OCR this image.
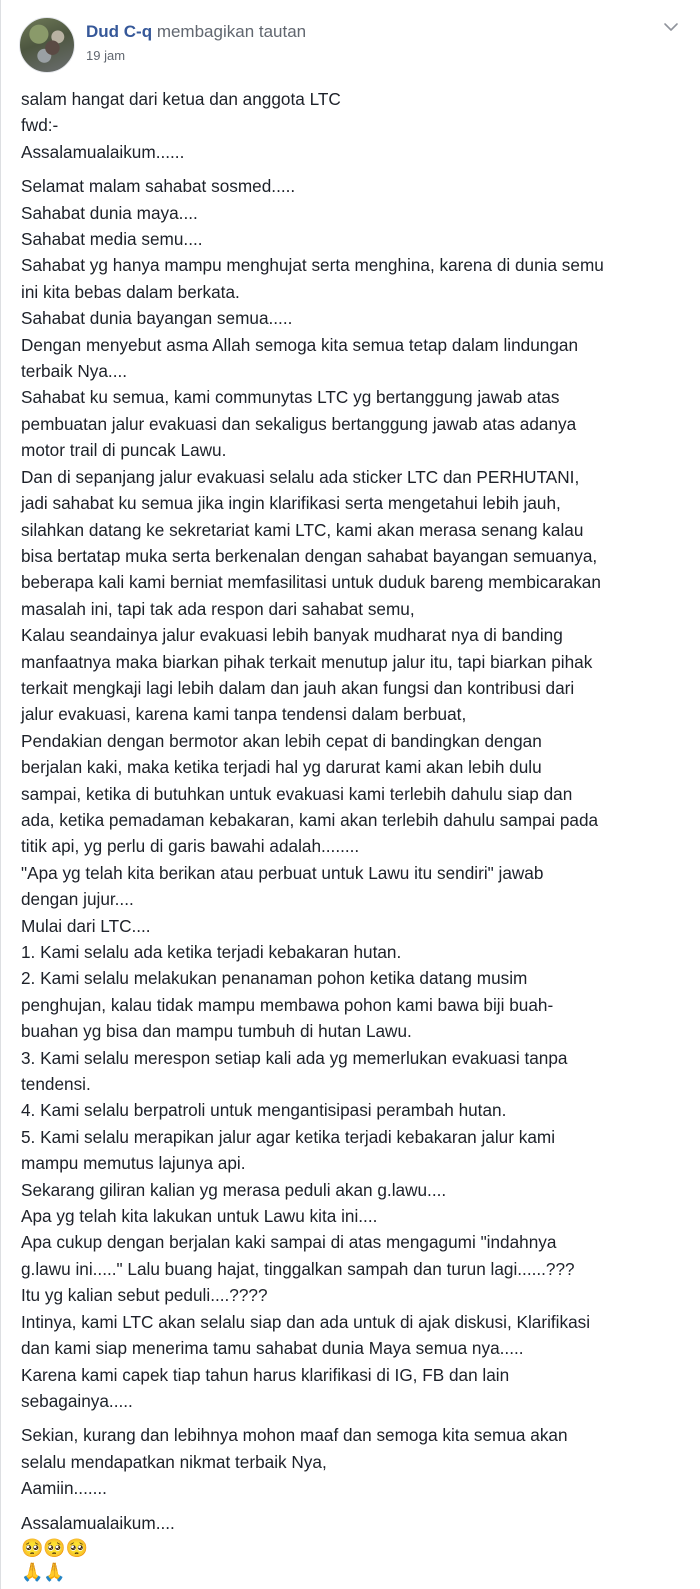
Dud C-q membagikan tautan
19 jam
salam hangat dari ketua dan anggota LTC
fwd:-
Assalamualaikum......
Selamat malam sahabat sosmed.....
Sahabat dunia maya....
Sahabat media semu....
Sahabat yg hanya mampu menghujat serta menghina, karena di dunia semu
ini kita bebas dalam berkata.
Sahabat dunia bayangan semua.....
Dengan menyebut asma Allah semoga kita semua tetap dalam lindungan
terbaik Nya....
Sahabat ku semua, kami communytas LTC yg bertanggung jawab atas
pembuatan jalur evakuasi dan sekaligus bertanggung jawab atas adanya
motor trail di puncak Lawu.
Dan di sepanjang jalur evakuasi selalu ada sticker LTC dan PERHUTANI,
jadi sahabat ku semua jika ingin klarifikasi serta mengetahui lebih jauh,
silahkan datang ke sekretariat kami LTC, kami akan merasa senang kalau
bisa bertatap muka serta berkenalan dengan sahabat bayangan semuanya,
beberapa kali kami berniat memfasilitasi untuk duduk bareng membicarakan
masalah ini, tapi tak ada respon dari sahabat semu,
Kalau seandainya jalur evakuasi lebih banyak mudharat nya di banding
manfaatnya maka biarkan pihak terkait menutup jalur itu, tapi biarkan pihak
terkait mengkaji lagi lebih dalam dan jauh akan fungsi dan kontribusi dari
jalur evakuasi, karena kami tanpa tendensi dalam berbuat,
Pendakian dengan bermotor akan lebih cepat di bandingkan dengan
berjalan kaki, maka ketika terjadi hal yg darurat kami akan lebih dulu
sampai, ketika di butuhkan untuk evakuasi kami terlebih dahulu siap dan
ada, ketika pemadaman kebakaran, kami akan terlebih dahulu sampai pada
titik api, yg perlu di garis bawahi adalah........
"Apa yg telah kita berikan atau perbuat untuk Lawu itu sendiri" jawab
dengan jujur....
Mulai dari LTC....
1. Kami selalu ada ketika terjadi kebakaran hutan.
2. Kami selalu melakukan penanaman pohon ketika datang musim
penghujan, kalau tidak mampu membawa pohon kami bawa biji buah-
buahan yg bisa dan mampu tumbuh di hutan Lawu.
3. Kami selalu merespon setiap kali ada yg memerlukan evakuasi tanpa
tendensi.
4. Kami selalu berpatroli untuk mengantisipasi perambah hutan.
5. Kami selalu merapikan jalur agar ketika terjadi kebakaran jalur kami
mampu memutus lajunya api.
Sekarang giliran kalian yg merasa peduli akan g.lawu....
Apa yg telah kita lakukan untuk Lawu kita ini....
Apa cukup dengan berjalan kaki sampai di atas mengagumi "indahnya
g.lawu ini....." Lalu buang hajat, tinggalkan sampah dan turun lagi......???
Itu yg kalian sebut peduli....????
Intinya, kami LTC akan selalu siap dan ada untuk di ajak diskusi, Klarifikasi
dan kami siap menerima tamu sahabat dunia Maya semua nya.....
Karena kami capek tiap tahun harus klarifikasi di IG, FB dan lain
sebagainya.....
Sekian, kurang dan lebihnya mohon maaf dan semoga kita semua akan
selalu mendapatkan nikmat terbaik Nya,
Aamiin.......
Assalamualaikum....
🥺🥺🥺
🙏🙏
